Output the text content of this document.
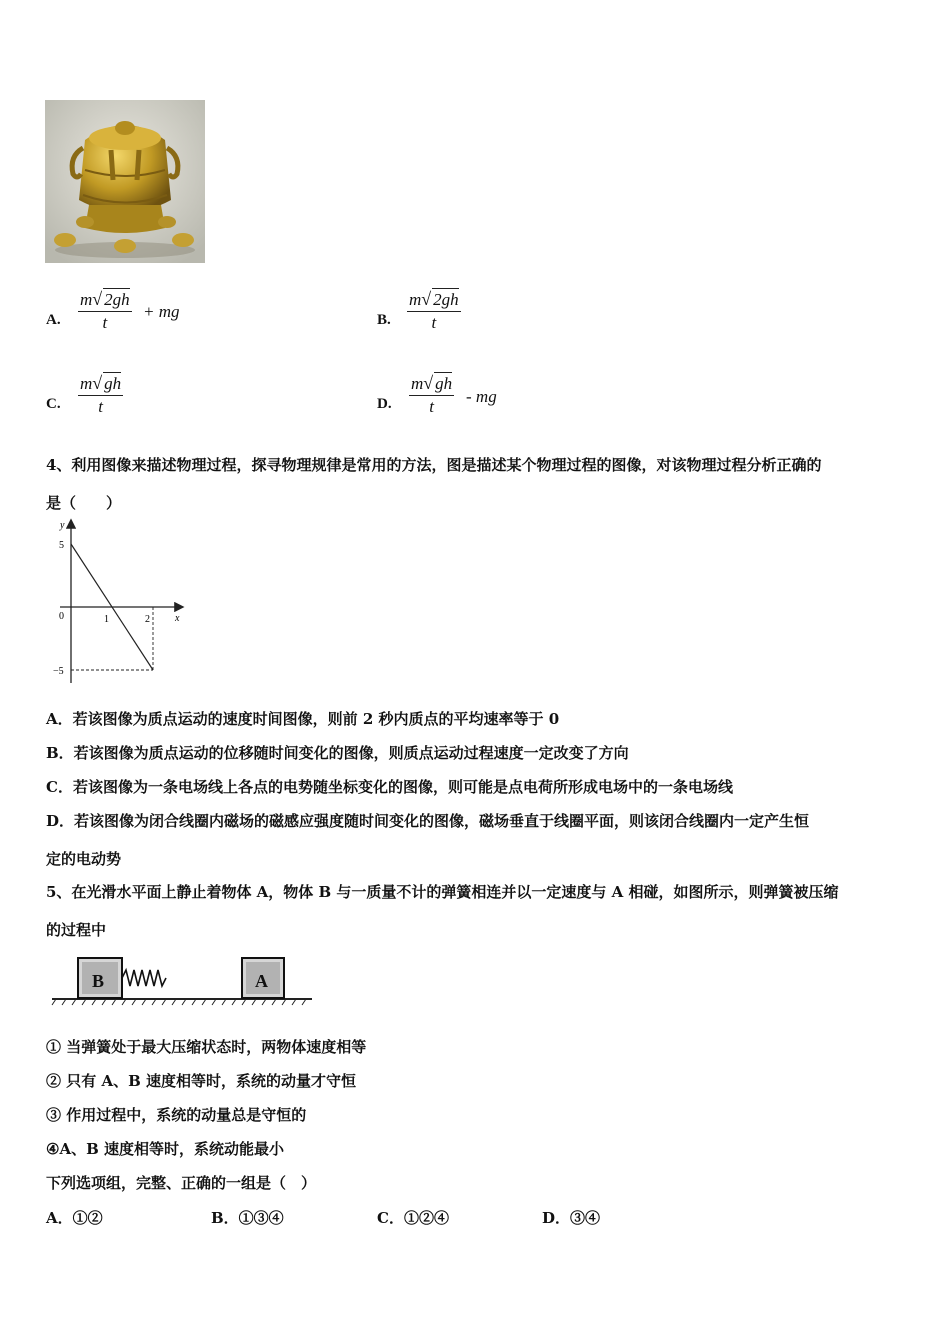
A. $\frac{m√ 2gh}{t}$ + mg	B. $\frac{m√ 2gh}{t}$
C. $\frac{m√ gh}{t}$	D. $\frac{m√ gh}{t}$ - mg
4、利用图像来描述物理过程，探寻物理规律是常用的方法，图是描述某个物理过程的图像，对该物理过程分析正确的
是（　　）
y
x
0	1	2
5
−5
A．若该图像为质点运动的速度时间图像，则前 2 秒内质点的平均速率等于 0
B．若该图像为质点运动的位移随时间变化的图像，则质点运动过程速度一定改变了方向
C．若该图像为一条电场线上各点的电势随坐标变化的图像，则可能是点电荷所形成电场中的一条电场线
D．若该图像为闭合线圈内磁场的磁感应强度随时间变化的图像，磁场垂直于线圈平面，则该闭合线圈内一定产生恒
定的电动势
5、在光滑水平面上静止着物体 A，物体 B 与一质量不计的弹簧相连并以一定速度与 A 相碰，如图所示，则弹簧被压缩
的过程中
B	A
① 当弹簧处于最大压缩状态时，两物体速度相等
② 只有 A、B 速度相等时，系统的动量才守恒
③ 作用过程中，系统的动量总是守恒的
④A、B 速度相等时，系统动能最小
下列选项组，完整、正确的一组是（　）
A．①②	B．①③④	C．①②④	D．③④
